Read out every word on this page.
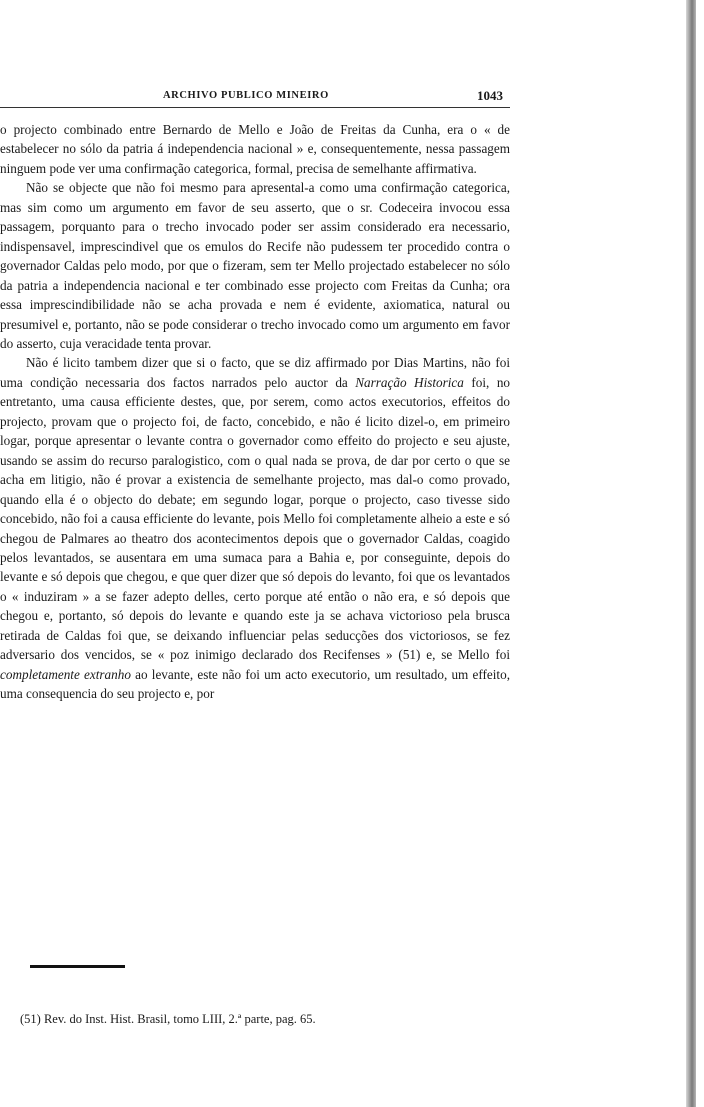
ARCHIVO PUBLICO MINEIRO	1043

o projecto combinado entre Bernardo de Mello e João de Freitas da Cunha, era o « de estabelecer no sólo da patria á independencia nacional » e, consequentemente, nessa passagem ninguem pode ver uma confirmação categorica, formal, precisa de semelhante affirmativa.

Não se objecte que não foi mesmo para apresental-a como uma confirmação categorica, mas sim como um argumento em favor de seu asserto, que o sr. Codeceira invocou essa passagem, porquanto para o trecho invocado poder ser assim considerado era necessario, indispensavel, imprescindivel que os emulos do Recife não pudessem ter procedido contra o governador Caldas pelo modo, por que o fizeram, sem ter Mello projectado estabelecer no sólo da patria a independencia nacional e ter combinado esse projecto com Freitas da Cunha; ora essa imprescindibilidade não se acha provada e nem é evidente, axiomatica, natural ou presumivel e, portanto, não se pode considerar o trecho invocado como um argumento em favor do asserto, cuja veracidade tenta provar.

Não é licito tambem dizer que si o facto, que se diz affirmado por Dias Martins, não foi uma condição necessaria dos factos narrados pelo auctor da Narração Historica foi, no entretanto, uma causa efficiente destes, que, por serem, como actos executorios, effeitos do projecto, provam que o projecto foi, de facto, concebido, e não é licito dizel-o, em primeiro logar, porque apresentar o levante contra o governador como effeito do projecto e seu ajuste, usando se assim do recurso paralogistico, com o qual nada se prova, de dar por certo o que se acha em litigio, não é provar a existencia de semelhante projecto, mas dal-o como provado, quando ella é o objecto do debate; em segundo logar, porque o projecto, caso tivesse sido concebido, não foi a causa efficiente do levante, pois Mello foi completamente alheio a este e só chegou de Palmares ao theatro dos acontecimentos depois que o governador Caldas, coagido pelos levantados, se ausentara em uma sumaca para a Bahia e, por conseguinte, depois do levante e só depois que chegou, e que quer dizer que só depois do levanto, foi que os levantados o « induziram » a se fazer adepto delles, certo porque até então o não era, e só depois que chegou e, portanto, só depois do levante e quando este ja se achava victorioso pela brusca retirada de Caldas foi que, se deixando influenciar pelas seducções dos victoriosos, se fez adversario dos vencidos, se « poz inimigo declarado dos Recifenses » (51) e, se Mello foi completamente extranho ao levante, este não foi um acto executorio, um resultado, um effeito, uma consequencia do seu projecto e, por

(51) Rev. do Inst. Hist. Brasil, tomo LIII, 2.ª parte, pag. 65.
